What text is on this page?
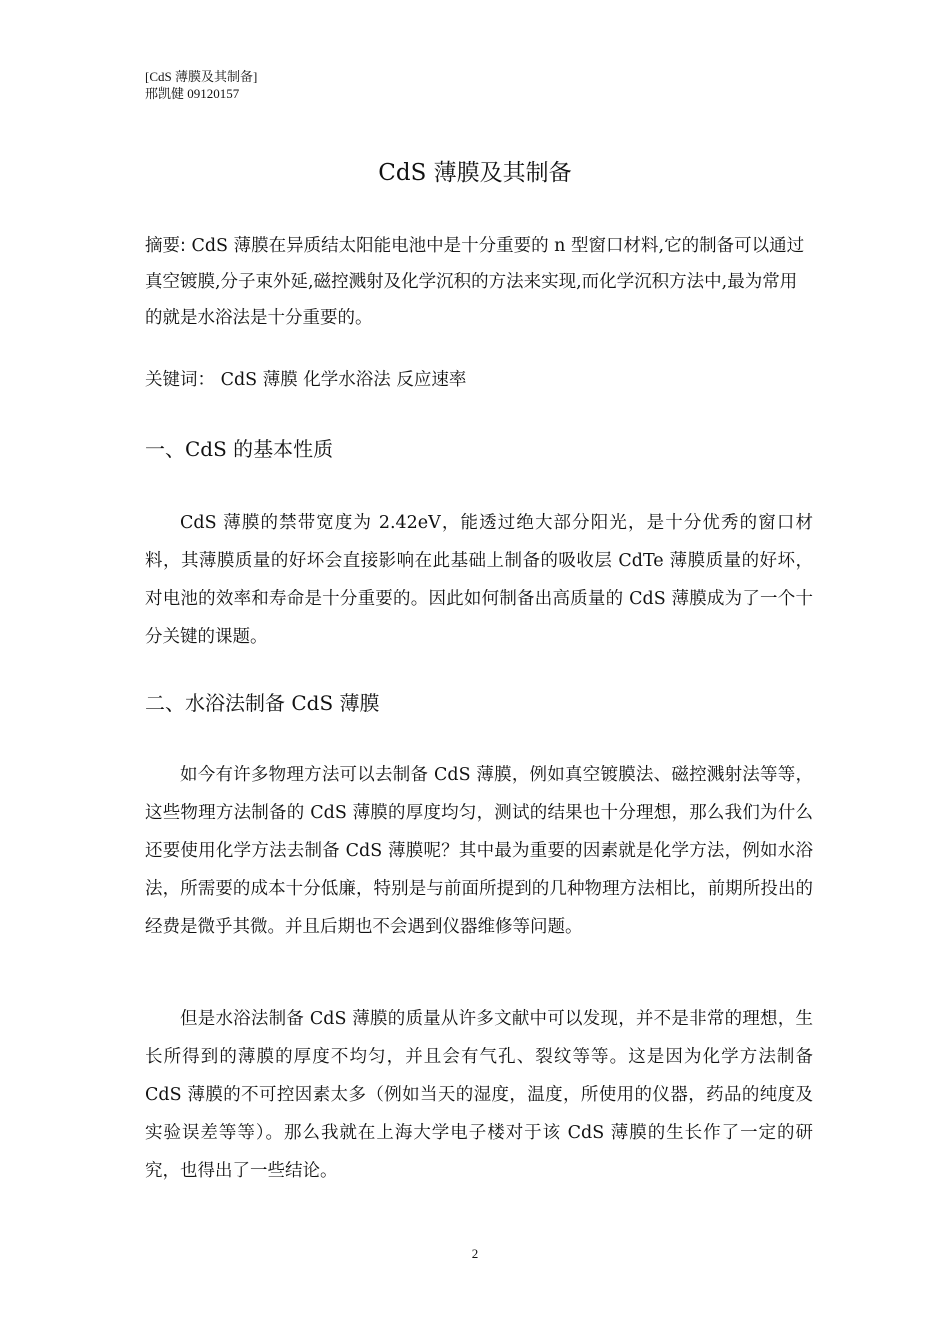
[CdS 薄膜及其制备]
邢凯健 09120157
CdS 薄膜及其制备
摘要: CdS 薄膜在异质结太阳能电池中是十分重要的 n 型窗口材料,它的制备可以通过真空镀膜,分子束外延,磁控溅射及化学沉积的方法来实现,而化学沉积方法中,最为常用的就是水浴法是十分重要的。
关键词： CdS 薄膜 化学水浴法 反应速率
一、CdS 的基本性质

CdS 薄膜的禁带宽度为 2.42eV，能透过绝大部分阳光，是十分优秀的窗口材料，其薄膜质量的好坏会直接影响在此基础上制备的吸收层 CdTe 薄膜质量的好坏，对电池的效率和寿命是十分重要的。因此如何制备出高质量的 CdS 薄膜成为了一个十分关键的课题。

二、水浴法制备 CdS 薄膜

如今有许多物理方法可以去制备 CdS 薄膜，例如真空镀膜法、磁控溅射法等等，这些物理方法制备的 CdS 薄膜的厚度均匀，测试的结果也十分理想，那么我们为什么还要使用化学方法去制备 CdS 薄膜呢？其中最为重要的因素就是化学方法，例如水浴法，所需要的成本十分低廉，特别是与前面所提到的几种物理方法相比，前期所投出的经费是微乎其微。并且后期也不会遇到仪器维修等问题。

但是水浴法制备 CdS 薄膜的质量从许多文献中可以发现，并不是非常的理想，生长所得到的薄膜的厚度不均匀，并且会有气孔、裂纹等等。这是因为化学方法制备 CdS 薄膜的不可控因素太多（例如当天的湿度，温度，所使用的仪器，药品的纯度及实验误差等等）。那么我就在上海大学电子楼对于该 CdS 薄膜的生长作了一定的研究，也得出了一些结论。

2
